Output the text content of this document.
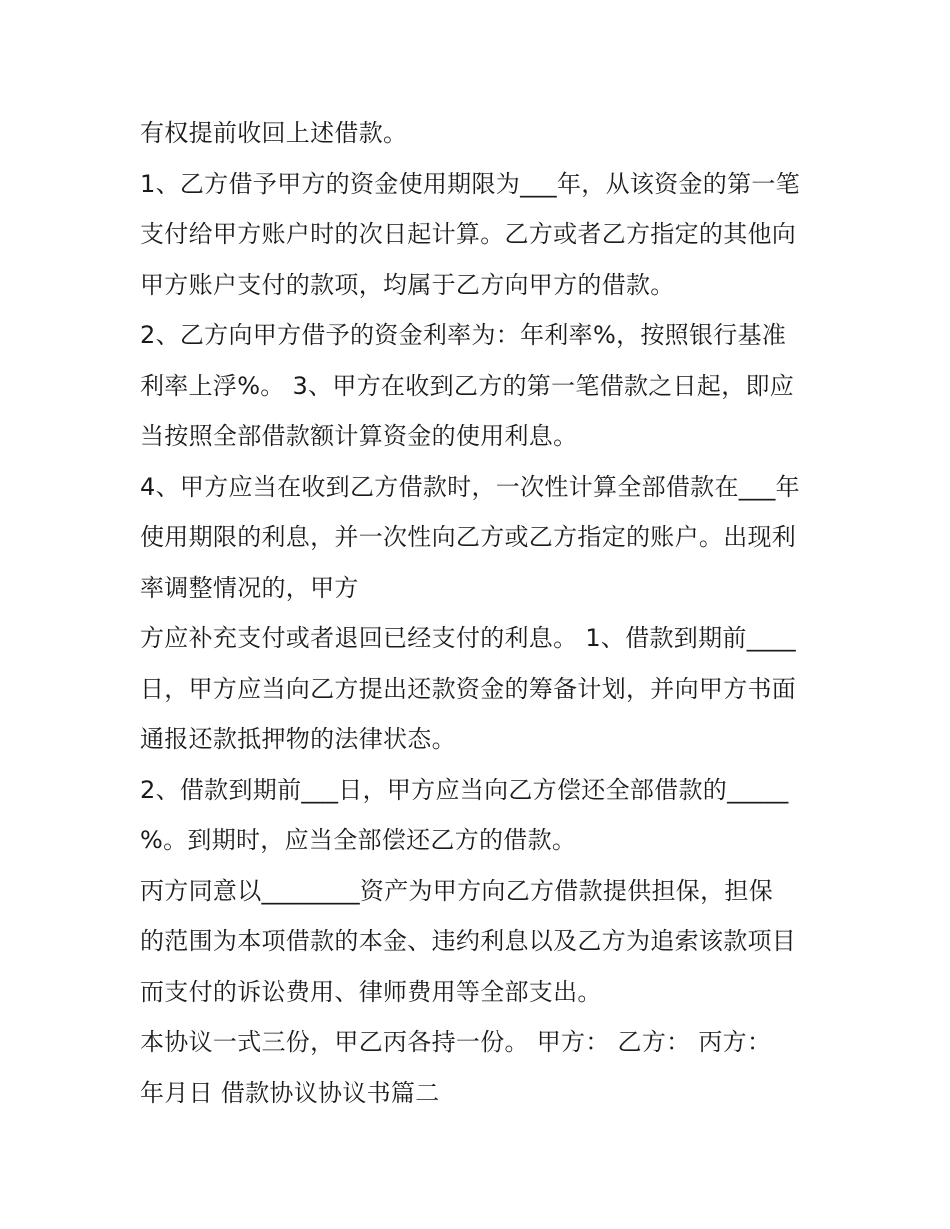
有权提前收回上述借款。
1、乙方借予甲方的资金使用期限为___年，从该资金的第一笔
支付给甲方账户时的次日起计算。乙方或者乙方指定的其他向
甲方账户支付的款项，均属于乙方向甲方的借款。
2、乙方向甲方借予的资金利率为：年利率%，按照银行基准
利率上浮%。 3、甲方在收到乙方的第一笔借款之日起，即应
当按照全部借款额计算资金的使用利息。
4、甲方应当在收到乙方借款时，一次性计算全部借款在___年
使用期限的利息，并一次性向乙方或乙方指定的账户。出现利
率调整情况的，甲方
方应补充支付或者退回已经支付的利息。 1、借款到期前____
日，甲方应当向乙方提出还款资金的筹备计划，并向甲方书面
通报还款抵押物的法律状态。
2、借款到期前___日，甲方应当向乙方偿还全部借款的_____
%。到期时，应当全部偿还乙方的借款。
丙方同意以________资产为甲方向乙方借款提供担保，担保
的范围为本项借款的本金、违约利息以及乙方为追索该款项目
而支付的诉讼费用、律师费用等全部支出。
本协议一式三份，甲乙丙各持一份。 甲方： 乙方： 丙方：
年月日 借款协议协议书篇二
